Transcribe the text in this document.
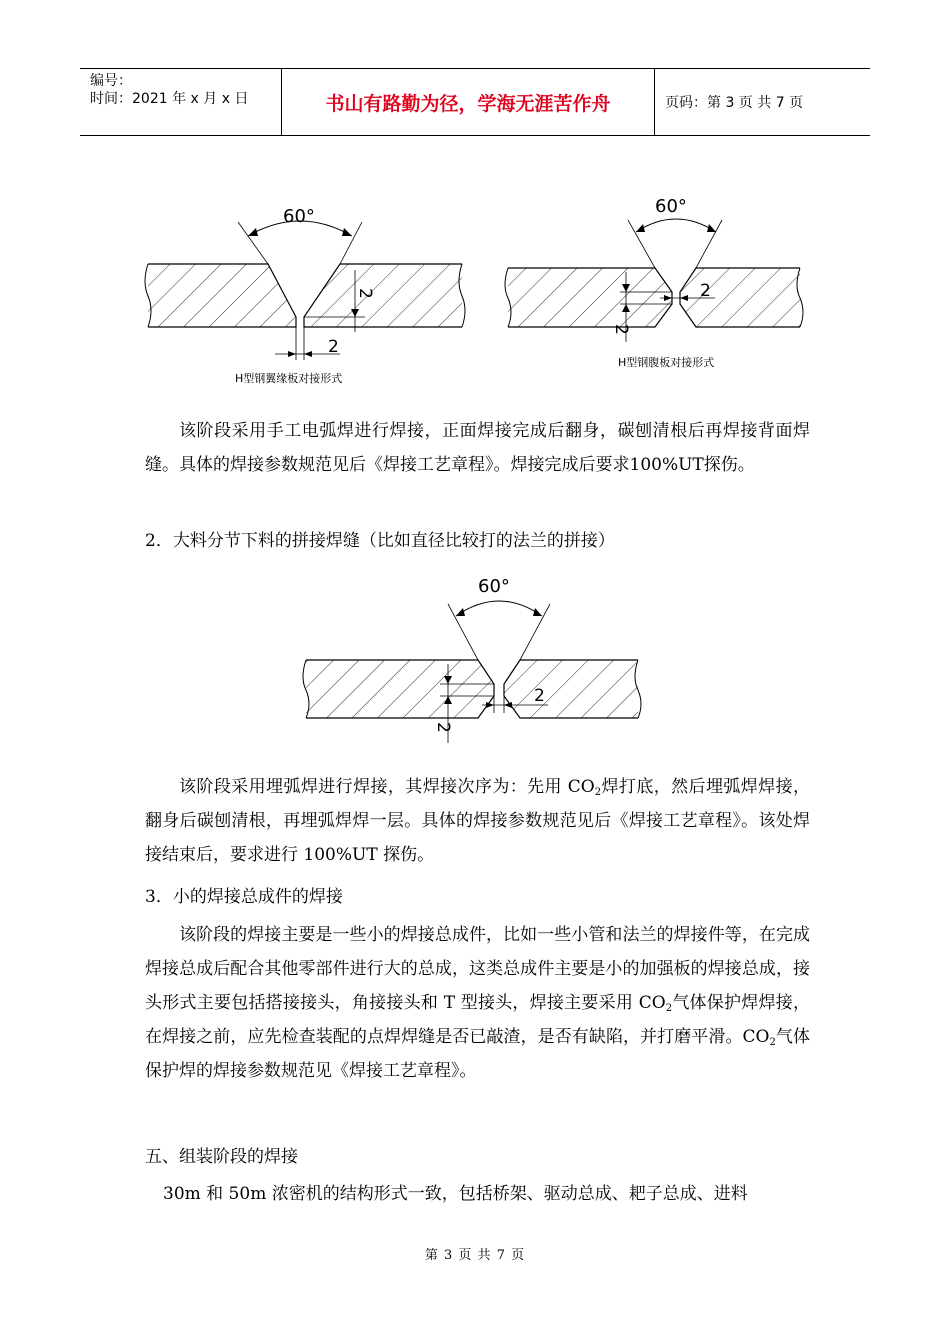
编号：
时间：2021 年 x 月 x 日	书山有路勤为径，学海无涯苦作舟	页码：第 3 页 共 7 页
60°
2
2
H型钢翼缘板对接形式
60°
2
2
H型钢腹板对接形式

该阶段采用手工电弧焊进行焊接，正面焊接完成后翻身，碳刨清根后再焊接背面焊缝。具体的焊接参数规范见后《焊接工艺章程》。焊接完成后要求100%UT探伤。

2．大料分节下料的拼接焊缝（比如直径比较打的法兰的拼接）

60°
2
2

该阶段采用埋弧焊进行焊接，其焊接次序为：先用 $CO_2$焊打底，然后埋弧焊焊接，翻身后碳刨清根，再埋弧焊焊一层。具体的焊接参数规范见后《焊接工艺章程》。该处焊接结束后，要求进行 100%UT 探伤。

3．小的焊接总成件的焊接

该阶段的焊接主要是一些小的焊接总成件，比如一些小管和法兰的焊接件等，在完成焊接总成后配合其他零部件进行大的总成，这类总成件主要是小的加强板的焊接总成，接头形式主要包括搭接接头，角接接头和 T 型接头，焊接主要采用 $CO_2$气体保护焊焊接，在焊接之前，应先检查装配的点焊焊缝是否已敲渣，是否有缺陷，并打磨平滑。$CO_2$气体保护焊的焊接参数规范见《焊接工艺章程》。

五、组装阶段的焊接

30m 和 50m 浓密机的结构形式一致，包括桥架、驱动总成、耙子总成、进料

第 3 页 共 7 页
